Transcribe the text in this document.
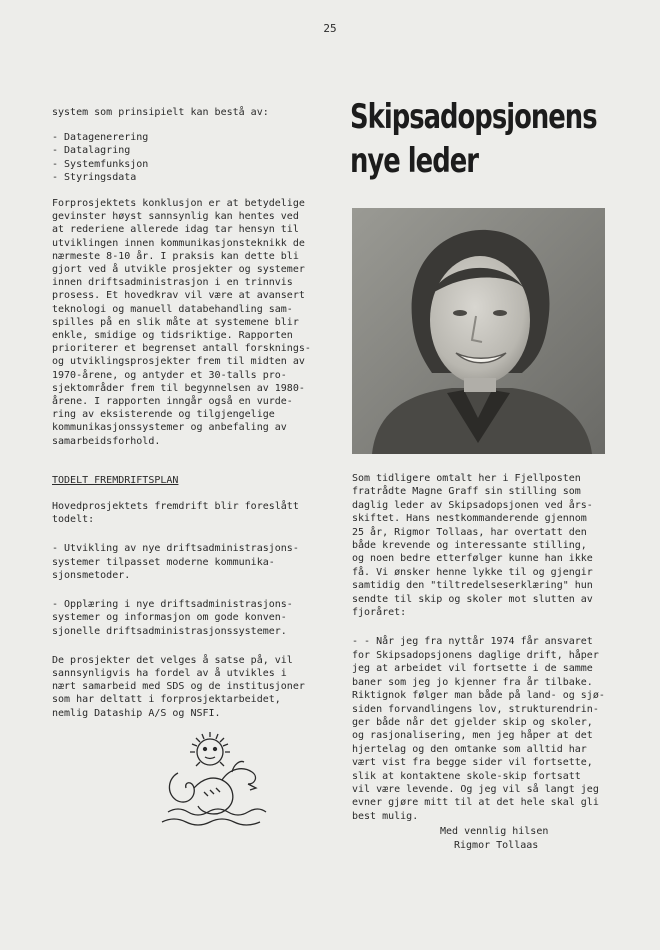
25

system som prinsipielt kan bestå av:

- Datagenerering
- Datalagring
- Systemfunksjon
- Styringsdata

Forprosjektets konklusjon er at betydelige
gevinster høyst sannsynlig kan hentes ved
at rederiene allerede idag tar hensyn til
utviklingen innen kommunikasjonsteknikk de
nærmeste 8-10 år. I praksis kan dette bli
gjort ved å utvikle prosjekter og systemer
innen driftsadministrasjon i en trinnvis
prosess. Et hovedkrav vil være at avansert
teknologi og manuell databehandling sam-
spilles på en slik måte at systemene blir
enkle, smidige og tidsriktige. Rapporten
prioriterer et begrenset antall forsknings-
og utviklingsprosjekter frem til midten av
1970-årene, og antyder et 30-talls pro-
sjektområder frem til begynnelsen av 1980-
årene. I rapporten inngår også en vurde-
ring av eksisterende og tilgjengelige
kommunikasjonssystemer og anbefaling av
samarbeidsforhold.

TODELT FREMDRIFTSPLAN

Hovedprosjektets fremdrift blir foreslått
todelt:

- Utvikling av nye driftsadministrasjons-
systemer tilpasset moderne kommunika-
sjonsmetoder.

- Opplæring i nye driftsadministrasjons-
systemer og informasjon om gode konven-
sjonelle driftsadministrasjonssystemer.

De prosjekter det velges å satse på, vil
sannsynligvis ha fordel av å utvikles i
nært samarbeid med SDS og de institusjoner
som har deltatt i forprosjektarbeidet,
nemlig Dataship A/S og NSFI.

Skipsadopsjonens
nye leder

Som tidligere omtalt her i Fjellposten
fratrådte Magne Graff sin stilling som
daglig leder av Skipsadopsjonen ved års-
skiftet. Hans nestkommanderende gjennom
25 år, Rigmor Tollaas, har overtatt den
både krevende og interessante stilling,
og noen bedre etterfølger kunne han ikke
få. Vi ønsker henne lykke til og gjengir
samtidig den "tiltredelseserklæring" hun
sendte til skip og skoler mot slutten av
fjoråret:

- - Når jeg fra nyttår 1974 får ansvaret
for Skipsadopsjonens daglige drift, håper
jeg at arbeidet vil fortsette i de samme
baner som jeg jo kjenner fra år tilbake.
Riktignok følger man både på land- og sjø-
siden forvandlingens lov, strukturendrin-
ger både når det gjelder skip og skoler,
og rasjonalisering, men jeg håper at det
hjertelag og den omtanke som alltid har
vært vist fra begge sider vil fortsette,
slik at kontaktene skole-skip fortsatt
vil være levende. Og jeg vil så langt jeg
evner gjøre mitt til at det hele skal gli
best mulig.

Med vennlig hilsen

Rigmor Tollaas
